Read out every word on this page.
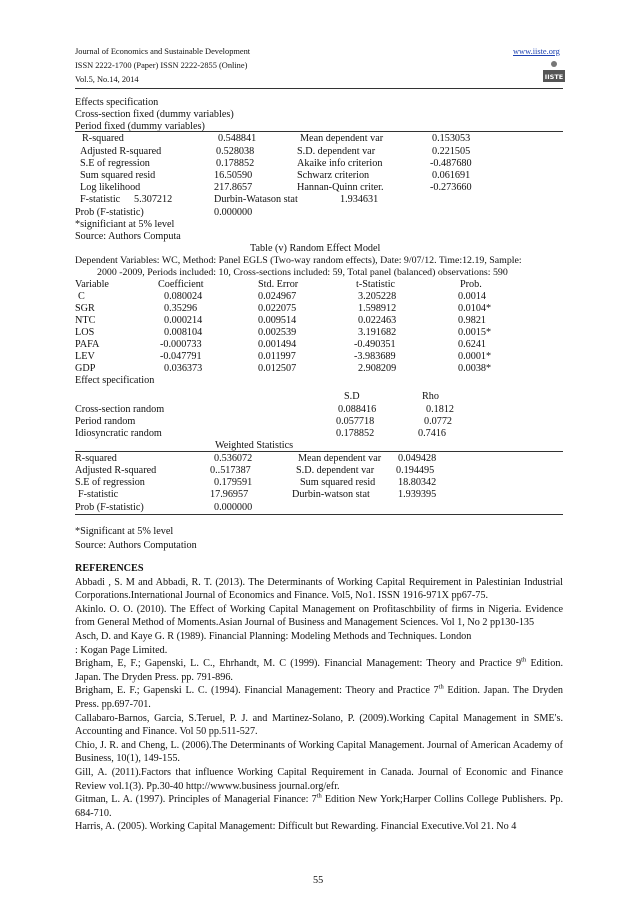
Journal of Economics and Sustainable Development
ISSN 2222-1700 (Paper) ISSN 2222-2855 (Online)
Vol.5, No.14, 2014
www.iiste.org
IISTE
Effects specification
Cross-section fixed (dummy variables)
Period fixed (dummy variables)
R-squared	0.548841	Mean dependent var	0.153053
Adjusted R-squared	0.528038	S.D. dependent var	0.221505
S.E of regression	0.178852	Akaike info criterion	-0.487680
Sum squared resid	16.50590	Schwarz criterion	0.061691
Log likelihood	217.8657	Hannan-Quinn criter.	-0.273660
F-statistic 5.307212	Durbin-Watason stat	1.934631
Prob (F-statistic)	0.000000
*significiant at 5% level
Source: Authors Computa
Table (v) Random Effect Model
Dependent Variables: WC, Method: Panel EGLS (Two-way random effects), Date: 9/07/12. Time:12.19, Sample:
2000 -2009, Periods included: 10, Cross-sections included: 59, Total panel (balanced) observations: 590
Variable	Coefficient	Std. Error	t-Statistic	Prob.
C	0.080024	0.024967	3.205228	0.0014
SGR	0.35296	0.022075	1.598912	0.0104*
NTC	0.000214	0.009514	0.022463	0.9821
LOS	0.008104	0.002539	3.191682	0.0015*
PAFA	-0.000733	0.001494	-0.490351	0.6241
LEV	-0.047791	0.011997	-3.983689	0.0001*
GDP	0.036373	0.012507	2.908209	0.0038*
Effect specification
S.D	Rho
Cross-section random	0.088416	0.1812
Period random	0.057718	0.0772
Idiosyncratic random	0.178852	0.7416
Weighted Statistics
R-squared	0.536072	Mean dependent var 0.049428
Adjusted R-squared	0..517387	S.D. dependent var 0.194495
S.E of regression	0.179591	Sum squared resid 18.80342
F-statistic	17.96957	Durbin-watson stat	1.939395
Prob (F-statistic)	0.000000
*Significant at 5% level
Source: Authors Computation

REFERENCES

Abbadi , S. M and Abbadi, R. T. (2013). The Determinants of Working Capital Requirement in Palestinian Industrial Corporations.International Journal of Economics and Finance. Vol5, No1. ISSN 1916-971X pp67-75.

Akinlo. O. O. (2010). The Effect of Working Capital Management on Profitaschbility of firms in Nigeria. Evidence from General Method of Moments.Asian Journal of Business and Management Sciences. Vol 1, No 2 pp130-135

Asch, D. and Kaye G. R (1989). Financial Planning: Modeling Methods and Techniques. London

: Kogan Page Limited.

Brigham, E, F.; Gapenski, L. C., Ehrhandt, M. C (1999). Financial Management: Theory and Practice 9th Edition. Japan. The Dryden Press. pp. 791-896.

Brigham, E. F.; Gapenski L. C. (1994). Financial Management: Theory and Practice 7th Edition. Japan. The Dryden Press. pp.697-701.

Callabaro-Barnos, Garcia, S.Teruel, P. J. and Martinez-Solano, P. (2009).Working Capital Management in SME's. Accounting and Finance. Vol 50 pp.511-527.

Chio, J. R. and Cheng, L. (2006).The Determinants of Working Capital Management. Journal of American Academy of Business, 10(1), 149-155.

Gill, A. (2011).Factors that influence Working Capital Requirement in Canada. Journal of Economic and Finance Review vol.1(3). Pp.30-40 http://wwww.business journal.org/efr.

Gitman, L. A. (1997). Principles of Managerial Finance: 7th Edition New York;Harper Collins College Publishers. Pp. 684-710.

Harris, A. (2005). Working Capital Management: Difficult but Rewarding. Financial Executive.Vol 21. No 4

55
